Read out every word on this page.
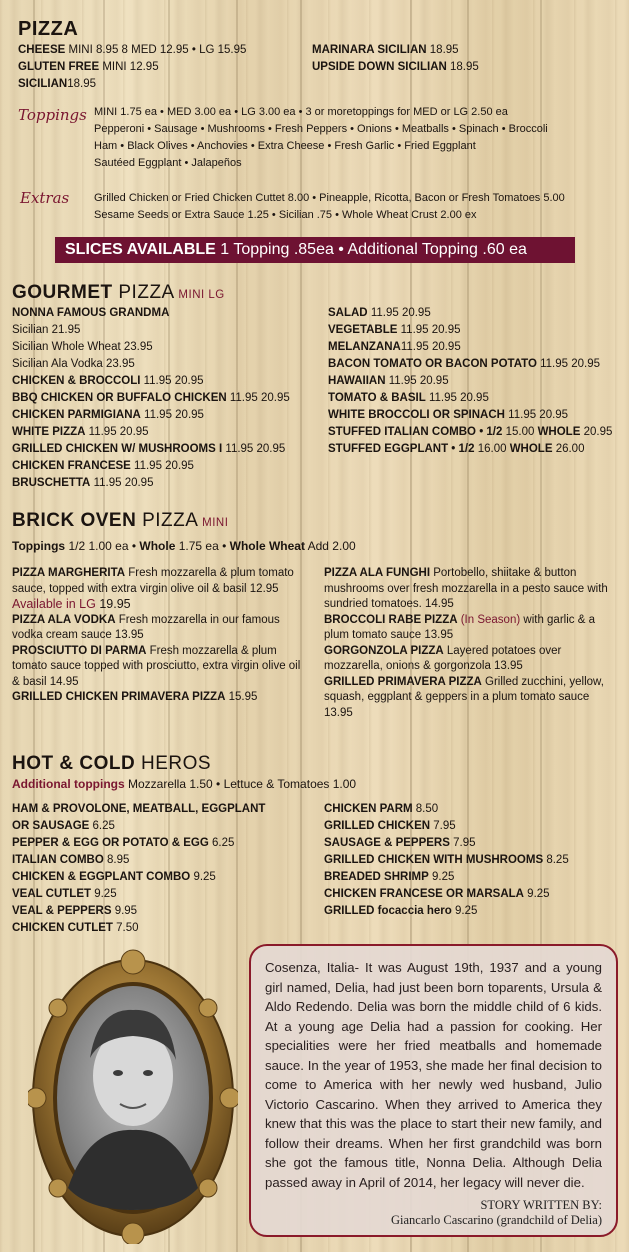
PIZZA
CHEESE MINI 8.95 8 MED 12.95 • LG 15.95
GLUTEN FREE MINI 12.95
SICILIAN18.95
MARINARA SICILIAN 18.95
UPSIDE DOWN SICILIAN 18.95
Toppings MINI 1.75 ea • MED 3.00 ea • LG 3.00 ea • 3 or moretoppings for MED or LG 2.50 ea
Pepperoni • Sausage • Mushrooms • Fresh Peppers • Onions • Meatballs • Spinach • Broccoli
Ham • Black Olives • Anchovies • Extra Cheese • Fresh Garlic • Fried Eggplant
Sautéed Eggplant • Jalapeños
Extras Grilled Chicken or Fried Chicken Cuttet 8.00 • Pineapple, Ricotta, Bacon or Fresh Tomatoes 5.00
Sesame Seeds or Extra Sauce 1.25 • Sicilian .75 • Whole Wheat Crust 2.00 ex
SLICES AVAILABLE 1 Topping .85ea • Additional Topping .60 ea
GOURMET PIZZA MINI LG
NONNA FAMOUS GRANDMA
Sicilian 21.95
Sicilian Whole Wheat 23.95
Sicilian Ala Vodka 23.95
CHICKEN & BROCCOLI 11.95 20.95
BBQ CHICKEN OR BUFFALO CHICKEN 11.95 20.95
CHICKEN PARMIGIANA 11.95 20.95
WHITE PIZZA 11.95 20.95
GRILLED CHICKEN W/ MUSHROOMS I 11.95 20.95
CHICKEN FRANCESE 11.95 20.95
BRUSCHETTA 11.95 20.95
SALAD 11.95 20.95
VEGETABLE 11.95 20.95
MELANZANA11.95 20.95
BACON TOMATO OR BACON POTATO 11.95 20.95
HAWAIIAN 11.95 20.95
TOMATO & BASIL 11.95 20.95
WHITE BROCCOLI OR SPINACH 11.95 20.95
STUFFED ITALIAN COMBO • 1/2 15.00 WHOLE 20.95
STUFFED EGGPLANT • 1/2 16.00 WHOLE 26.00
BRICK OVEN PIZZA MINI
Toppings 1/2 1.00 ea • Whole 1.75 ea • Whole Wheat Add 2.00
PIZZA MARGHERITA Fresh mozzarella & plum tomato sauce, topped with extra virgin olive oil & basil 12.95
Available in LG 19.95
PIZZA ALA VODKA Fresh mozzarella in our famous vodka cream sauce 13.95
PROSCIUTTO DI PARMA Fresh mozzarella & plum tomato sauce topped with prosciutto, extra virgin olive oil & basil 14.95
GRILLED CHICKEN PRIMAVERA PIZZA 15.95
PIZZA ALA FUNGHI Portobello, shiitake & button mushrooms over fresh mozzarella in a pesto sauce with sundried tomatoes. 14.95
BROCCOLI RABE PIZZA (In Season) with garlic & a plum tomato sauce 13.95
GORGONZOLA PIZZA Layered potatoes over mozzarella, onions & gorgonzola 13.95
GRILLED PRIMAVERA PIZZA Grilled zucchini, yellow, squash, eggplant & geppers in a plum tomato sauce 13.95
HOT & COLD HEROS
Additional toppings Mozzarella 1.50 • Lettuce & Tomatoes 1.00
HAM & PROVOLONE, MEATBALL, EGGPLANT
OR SAUSAGE 6.25
PEPPER & EGG OR POTATO & EGG 6.25
ITALIAN COMBO 8.95
CHICKEN & EGGPLANT COMBO 9.25
VEAL CUTLET 9.25
VEAL & PEPPERS 9.95
CHICKEN CUTLET 7.50
CHICKEN PARM 8.50
GRILLED CHICKEN 7.95
SAUSAGE & PEPPERS 7.95
GRILLED CHICKEN WITH MUSHROOMS 8.25
BREADED SHRIMP 9.25
CHICKEN FRANCESE OR MARSALA 9.25
GRILLED focaccia hero 9.25
Cosenza, Italia- It was August 19th, 1937 and a young girl named, Delia, had just been born toparents, Ursula & Aldo Redendo. Delia was born the middle child of 6 kids. At a young age Delia had a passion for cooking. Her specialities were her fried meatballs and homemade sauce. In the year of 1953, she made her final decision to come to America with her newly wed husband, Julio Victorio Cascarino. When they arrived to America they knew that this was the place to start their new family, and follow their dreams. When her first grandchild was born she got the famous title, Nonna Delia. Although Delia passed away in April of 2014, her legacy will never die.
STORY WRITTEN BY:
Giancarlo Cascarino (grandchild of Delia)
